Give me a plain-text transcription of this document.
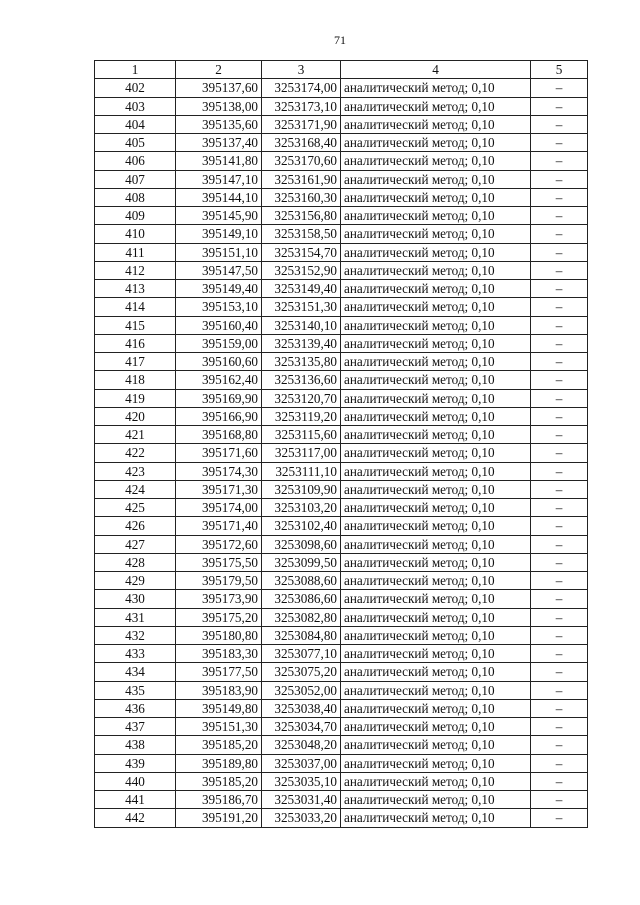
71
1	2	3	4	5
402	395137,60	3253174,00	аналитический метод; 0,10	–
403	395138,00	3253173,10	аналитический метод; 0,10	–
404	395135,60	3253171,90	аналитический метод; 0,10	–
405	395137,40	3253168,40	аналитический метод; 0,10	–
406	395141,80	3253170,60	аналитический метод; 0,10	–
407	395147,10	3253161,90	аналитический метод; 0,10	–
408	395144,10	3253160,30	аналитический метод; 0,10	–
409	395145,90	3253156,80	аналитический метод; 0,10	–
410	395149,10	3253158,50	аналитический метод; 0,10	–
411	395151,10	3253154,70	аналитический метод; 0,10	–
412	395147,50	3253152,90	аналитический метод; 0,10	–
413	395149,40	3253149,40	аналитический метод; 0,10	–
414	395153,10	3253151,30	аналитический метод; 0,10	–
415	395160,40	3253140,10	аналитический метод; 0,10	–
416	395159,00	3253139,40	аналитический метод; 0,10	–
417	395160,60	3253135,80	аналитический метод; 0,10	–
418	395162,40	3253136,60	аналитический метод; 0,10	–
419	395169,90	3253120,70	аналитический метод; 0,10	–
420	395166,90	3253119,20	аналитический метод; 0,10	–
421	395168,80	3253115,60	аналитический метод; 0,10	–
422	395171,60	3253117,00	аналитический метод; 0,10	–
423	395174,30	3253111,10	аналитический метод; 0,10	–
424	395171,30	3253109,90	аналитический метод; 0,10	–
425	395174,00	3253103,20	аналитический метод; 0,10	–
426	395171,40	3253102,40	аналитический метод; 0,10	–
427	395172,60	3253098,60	аналитический метод; 0,10	–
428	395175,50	3253099,50	аналитический метод; 0,10	–
429	395179,50	3253088,60	аналитический метод; 0,10	–
430	395173,90	3253086,60	аналитический метод; 0,10	–
431	395175,20	3253082,80	аналитический метод; 0,10	–
432	395180,80	3253084,80	аналитический метод; 0,10	–
433	395183,30	3253077,10	аналитический метод; 0,10	–
434	395177,50	3253075,20	аналитический метод; 0,10	–
435	395183,90	3253052,00	аналитический метод; 0,10	–
436	395149,80	3253038,40	аналитический метод; 0,10	–
437	395151,30	3253034,70	аналитический метод; 0,10	–
438	395185,20	3253048,20	аналитический метод; 0,10	–
439	395189,80	3253037,00	аналитический метод; 0,10	–
440	395185,20	3253035,10	аналитический метод; 0,10	–
441	395186,70	3253031,40	аналитический метод; 0,10	–
442	395191,20	3253033,20	аналитический метод; 0,10	–
